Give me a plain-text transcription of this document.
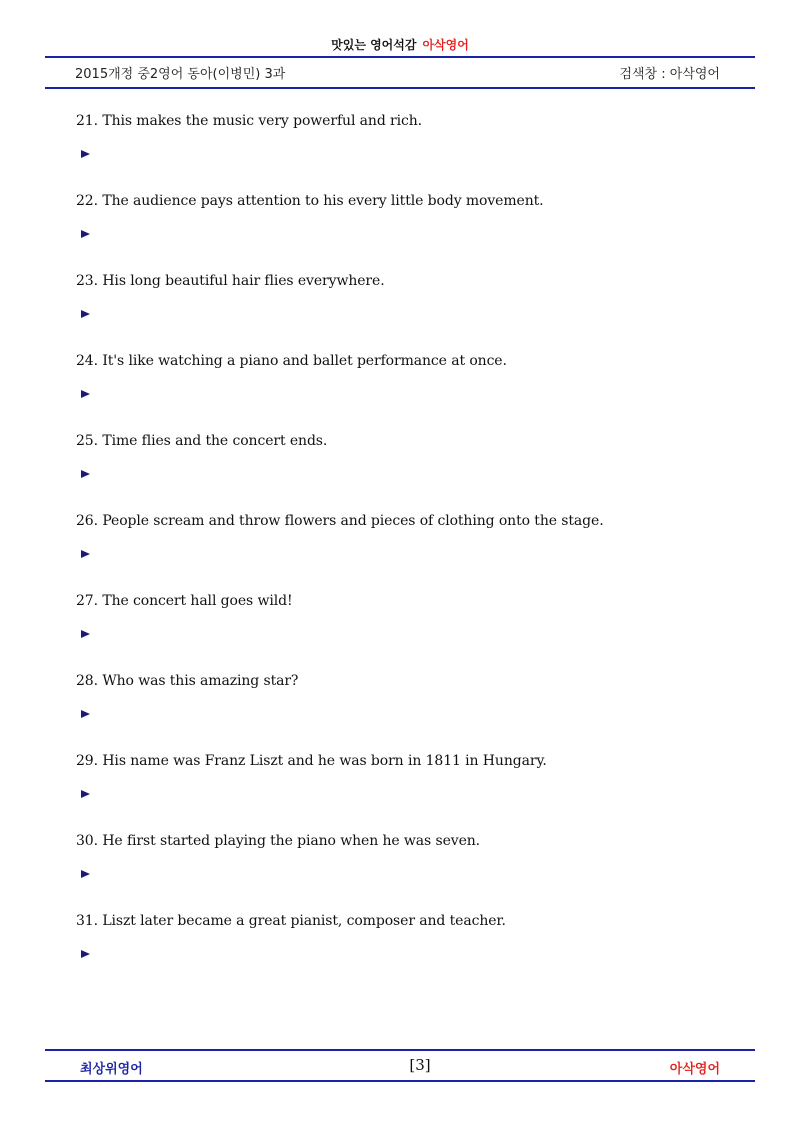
맛있는 영어석감 아삭영어
2015개정 중2영어 동아(이병민) 3과	검색창 : 아삭영어
21. This makes the music very powerful and rich.
22. The audience pays attention to his every little body movement.
23. His long beautiful hair flies everywhere.
24. It's like watching a piano and ballet performance at once.
25. Time flies and the concert ends.
26. People scream and throw flowers and pieces of clothing onto the stage.
27. The concert hall goes wild!
28. Who was this amazing star?
29. His name was Franz Liszt and he was born in 1811 in Hungary.
30. He first started playing the piano when he was seven.
31. Liszt later became a great pianist, composer and teacher.
최상위영어	[3]	아삭영어
